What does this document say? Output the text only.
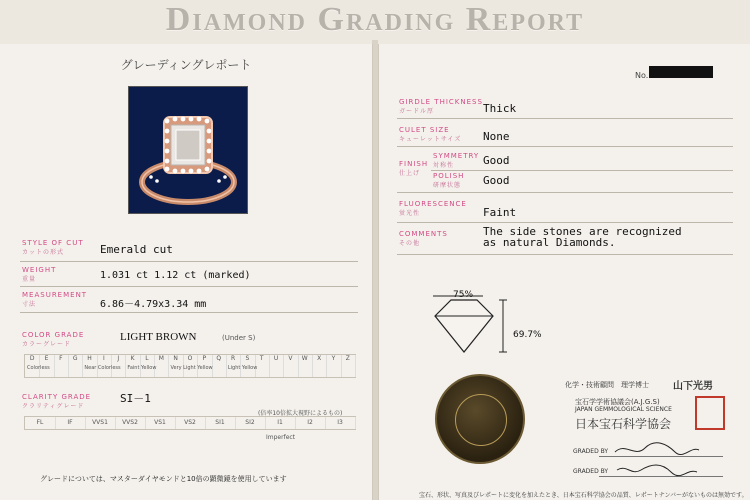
Diamond Grading Report
グレーディングレポート
STYLE OF CUT
カットの形式	Emerald cut
WEIGHT
重量	1.031 ct 1.12 ct (marked)
MEASUREMENT
寸法	6.86－4.79x3.34 mm
COLOR GRADE
カラーグレード
LIGHT BROWN	(Under S)
D	E	F	G	H	I	J	K	L	M	N	O	P	Q	R	S	T	U	V	W	X	Y	Z
Colorless	Near Colorless Faint Yellow	Very Light Yellow	Light Yellow
CLARITY GRADE
クラリティグレード
SI－1
(倍率10倍拡大視野によるもの)
FL	IF	VVS1	VVS2	VS1	VS2	SI1	SI2	I1	I2	I3
Imperfect
グレードについては、マスターダイヤモンドと10倍の顕微鏡を使用しています
No.
GIRDLE THICKNESS
ガードル厚	Thick
CULET SIZE
キューレットサイズ None
FINISH
仕上げ
SYMMETRY
対称性	Good
POLISH
研摩状態	Good
FLUORESCENCE
蛍光性	Faint
COMMENTS
その他
The side stones are recognized as natural Diamonds.
75%
69.7%
化学・技術顧問　理学博士 山下光男
宝石学学術協議会(A.J.G.S)
JAPAN GEMMOLOGICAL SCIENCE
日本宝石科学協会
GRADED BY
GRADED BY
宝石、形状、写真及びレポートに変化を加えたとき、日本宝石科学協会の品質、レポートナンバーがないものは無効です。
